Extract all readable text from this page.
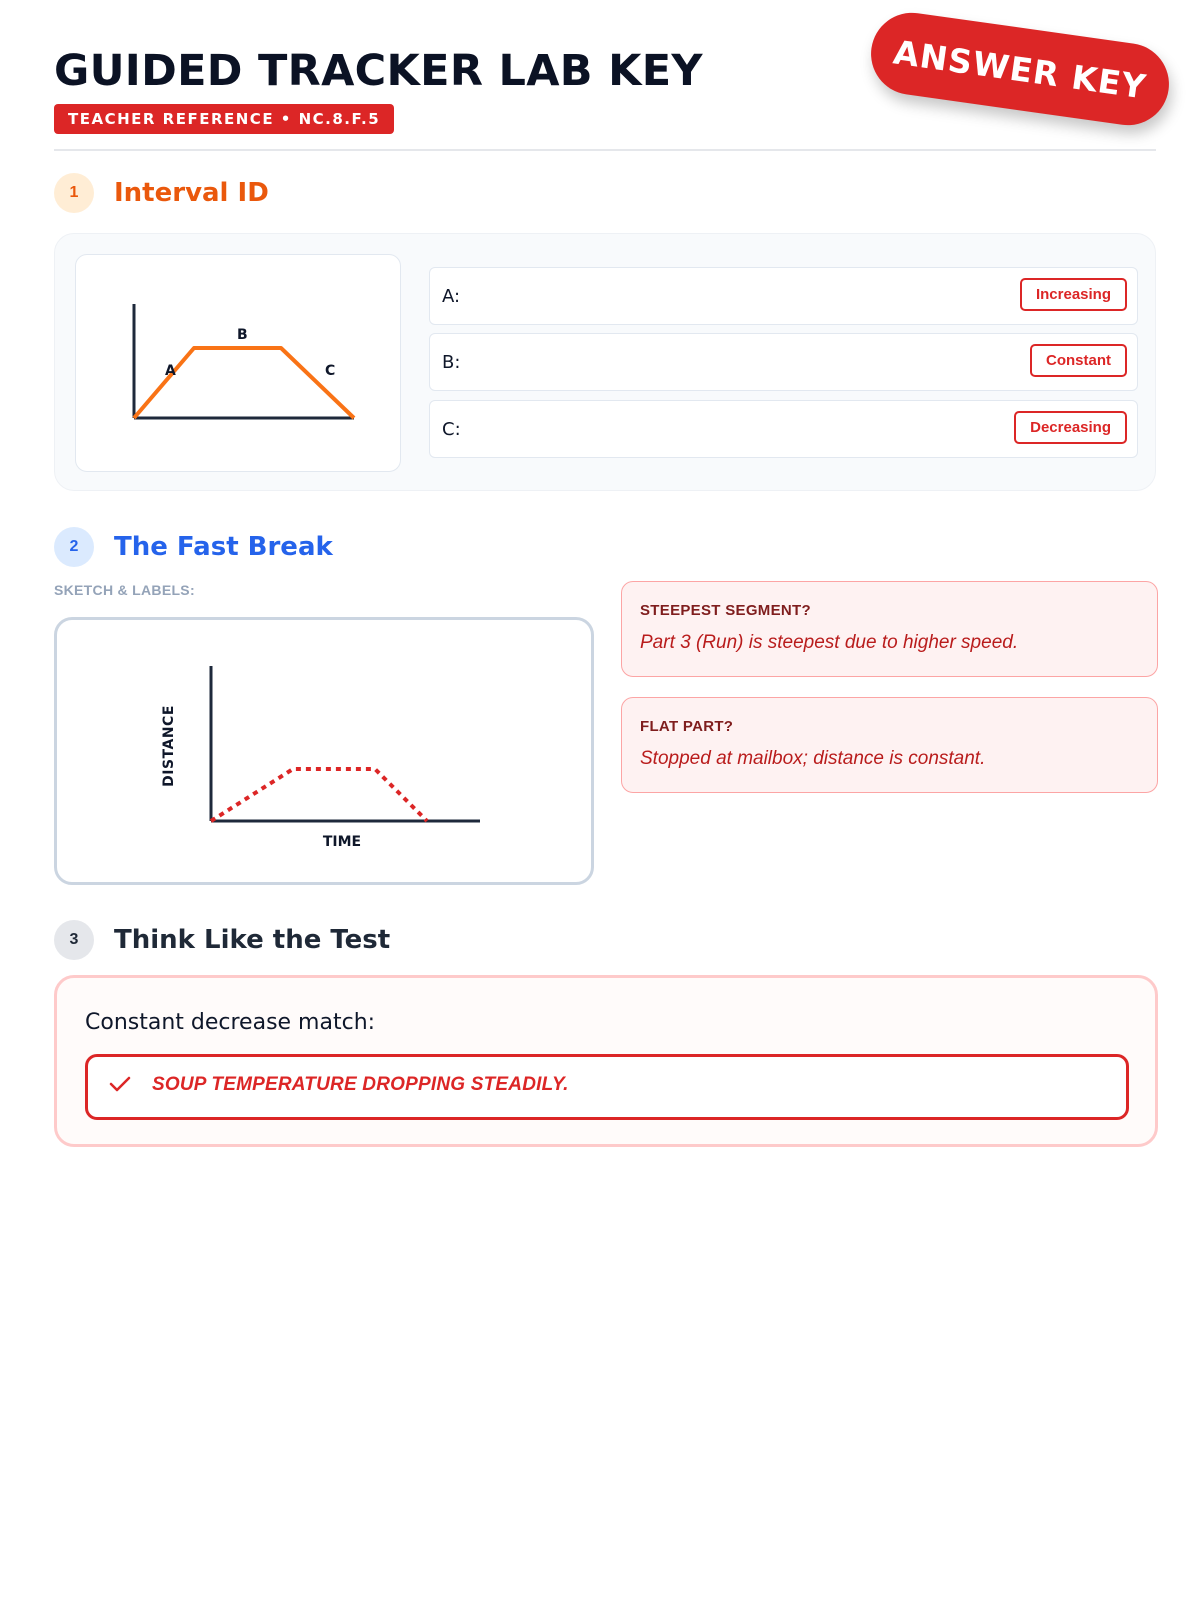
GUIDED TRACKER LAB KEY
TEACHER REFERENCE • NC.8.F.5
ANSWER KEY
1	Interval ID
A
B
C
A:	Increasing
B:	Constant
C:	Decreasing
2	The Fast Break
SKETCH & LABELS:
DISTANCE
TIME
STEEPEST SEGMENT?
Part 3 (Run) is steepest due to higher speed.
FLAT PART?
Stopped at mailbox; distance is constant.
3	Think Like the Test
Constant decrease match:
SOUP TEMPERATURE DROPPING STEADILY.
